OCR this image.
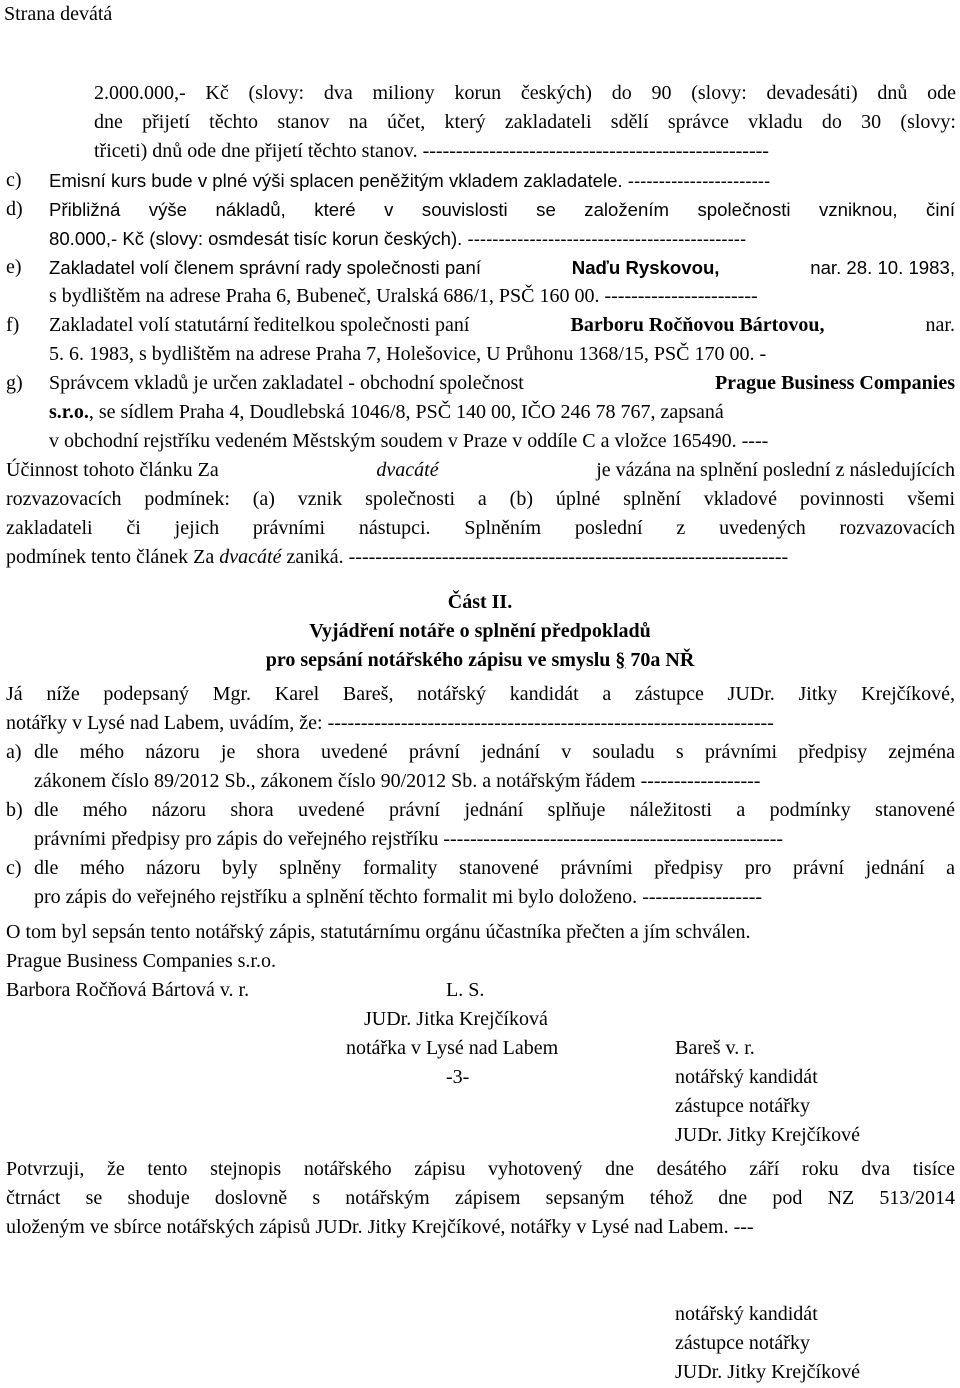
Strana devátá
2.000.000,- Kč (slovy: dva miliony korun českých) do 90 (slovy: devadesáti) dnů ode
dne přijetí těchto stanov na účet, který zakladateli sdělí správce vkladu do 30 (slovy:
třiceti) dnů ode dne přijetí těchto stanov. ----------------------------------------------------
c) Emisní kurs bude v plné výši splacen peněžitým vkladem zakladatele. -----------------------
d) Přibližná výše nákladů, které v souvislosti se založením společnosti vzniknou, činí
80.000,- Kč (slovy: osmdesát tisíc korun českých). ---------------------------------------------
e) Zakladatel volí členem správní rady společnosti paní	Naďu Ryskovou,	nar. 28. 10. 1983,
s bydlištěm na adrese Praha 6, Bubeneč, Uralská 686/1, PSČ 160 00. -----------------------
f) Zakladatel volí statutární ředitelkou společnosti paní	Barboru Ročňovou Bártovou,	nar.
5. 6. 1983, s bydlištěm na adrese Praha 7, Holešovice, U Průhonu 1368/15, PSČ 170 00. -
g) Správcem vkladů je určen zakladatel - obchodní společnost	Prague Business Companies
s.r.o., se sídlem Praha 4, Doudlebská 1046/8, PSČ 140 00, IČO 246 78 767, zapsaná
v obchodní rejstříku vedeném Městským soudem v Praze v oddíle C a vložce 165490. ----
Účinnost tohoto článku Za	dvacáté	je vázána na splnění poslední z následujících
rozvazovacích podmínek: (a) vznik společnosti a (b) úplné splnění vkladové povinnosti všemi
zakladateli či jejich právními nástupci. Splněním poslední z uvedených rozvazovacích
podmínek tento článek Za dvacáté zaniká. ------------------------------------------------------------------
Část II.
Vyjádření notáře o splnění předpokladů
pro sepsání notářského zápisu ve smyslu § 70a NŘ
Já níže podepsaný Mgr. Karel Bareš, notářský kandidát a zástupce JUDr. Jitky Krejčíkové,
notářky v Lysé nad Labem, uvádím, že: -------------------------------------------------------------------
a) dle mého názoru je shora uvedené právní jednání v souladu s právními předpisy zejména
zákonem číslo 89/2012 Sb., zákonem číslo 90/2012 Sb. a notářským řádem ------------------
b) dle mého názoru shora uvedené právní jednání splňuje náležitosti a podmínky stanovené
právními předpisy pro zápis do veřejného rejstříku ---------------------------------------------------
c) dle mého názoru byly splněny formality stanovené právními předpisy pro právní jednání a
pro zápis do veřejného rejstříku a splnění těchto formalit mi bylo doloženo. ------------------
O tom byl sepsán tento notářský zápis, statutárnímu orgánu účastníka přečten a jím schválen.
Prague Business Companies s.r.o.
Barbora Ročňová Bártová v. r.	L. S.
JUDr. Jitka Krejčíková
notářka v Lysé nad Labem
-3-
Bareš v. r.
notářský kandidát
zástupce notářky
JUDr. Jitky Krejčíkové
Potvrzuji, že tento stejnopis notářského zápisu vyhotovený dne desátého září roku dva tisíce
čtrnáct se shoduje doslovně s notářským zápisem sepsaným téhož dne pod NZ 513/2014
uloženým ve sbírce notářských zápisů JUDr. Jitky Krejčíkové, notářky v Lysé nad Labem. ---
notářský kandidát
zástupce notářky
JUDr. Jitky Krejčíkové
